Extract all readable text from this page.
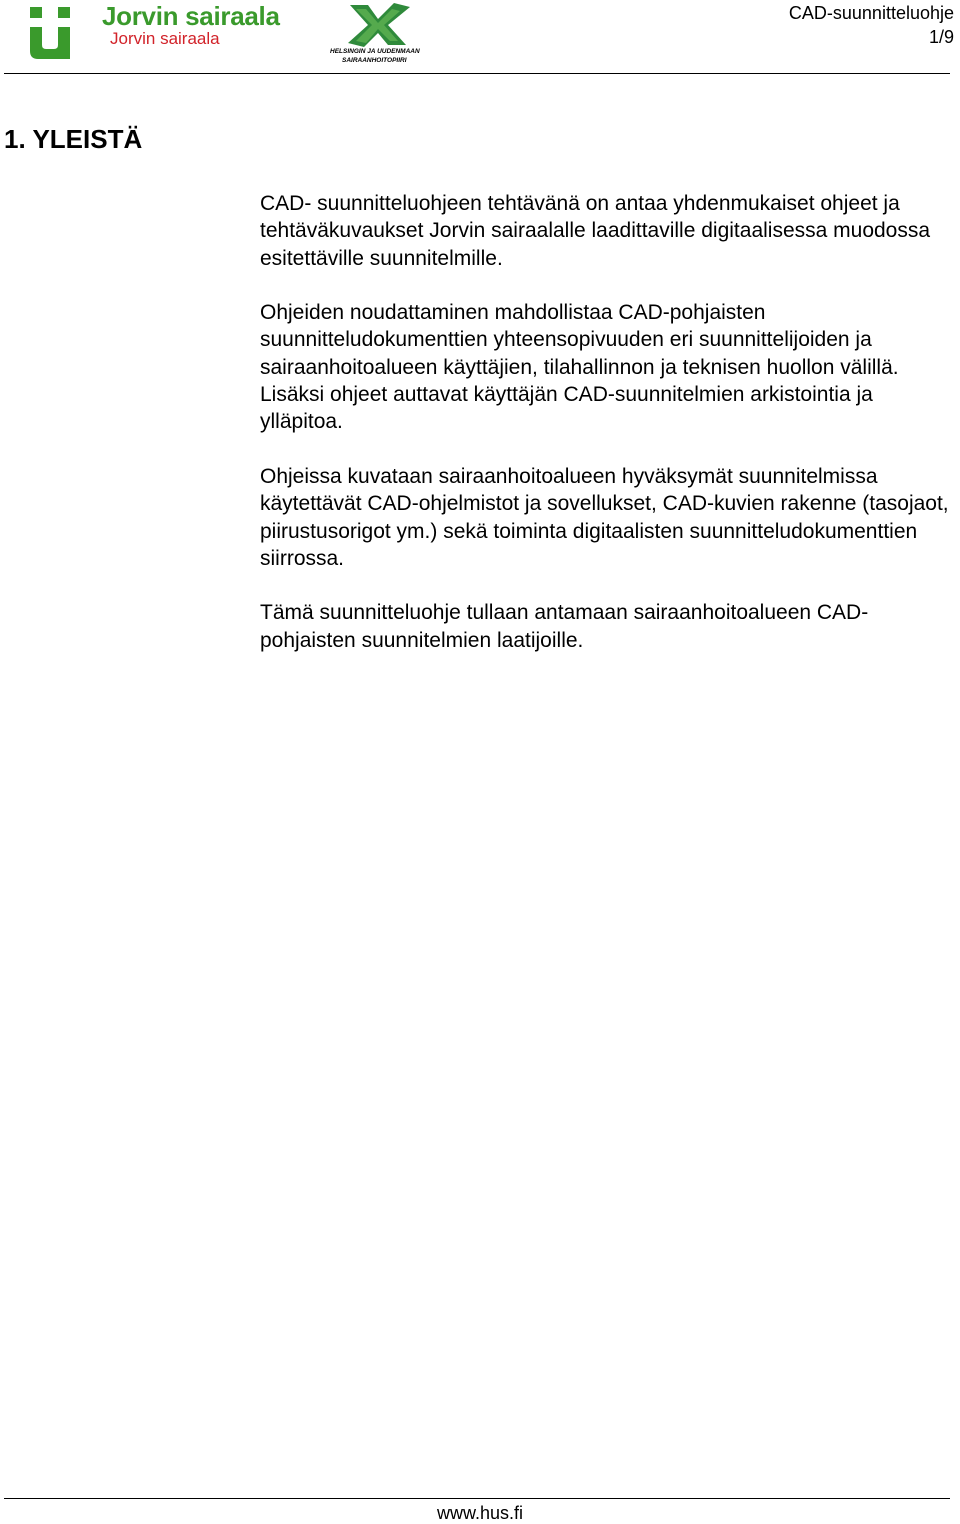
Jorvin sairaala
Jorvin sairaala
HELSINGIN JA UUDENMAAN
SAIRAANHOITOPIIRI
CAD-suunnitteluohje
1/9
1. YLEISTÄ

CAD- suunnitteluohjeen tehtävänä on antaa yhdenmukaiset ohjeet ja tehtäväkuvaukset Jorvin sairaalalle laadittaville digitaalisessa muodossa esitettäville suunnitelmille.

Ohjeiden noudattaminen mahdollistaa CAD-pohjaisten suunnitteludokumenttien yhteensopivuuden eri suunnittelijoiden ja sairaanhoitoalueen käyttäjien, tilahallinnon ja teknisen huollon välillä. Lisäksi ohjeet auttavat käyttäjän CAD-suunnitelmien arkistointia ja ylläpitoa.

Ohjeissa kuvataan sairaanhoitoalueen hyväksymät suunnitelmissa käytettävät CAD-ohjelmistot ja sovellukset, CAD-kuvien rakenne (tasojaot, piirustusorigot ym.) sekä toiminta digitaalisten suunnitteludokumenttien siirrossa.

Tämä suunnitteluohje tullaan antamaan sairaanhoitoalueen CAD-pohjaisten suunnitelmien laatijoille.

www.hus.fi
